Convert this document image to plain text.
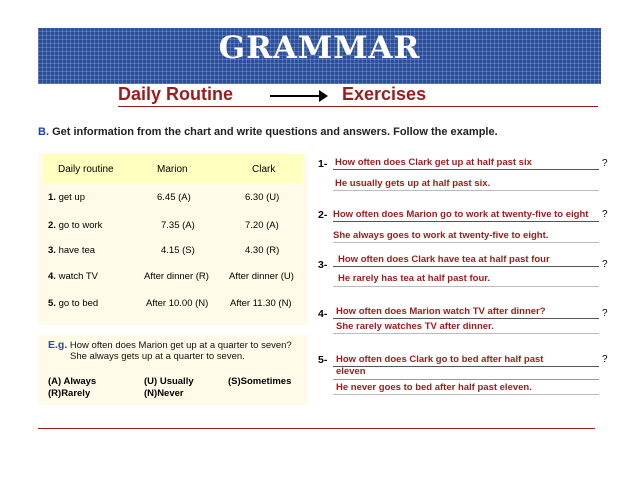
GRAMMAR
Daily Routine	Exercises
B. Get information from the chart and write questions and answers. Follow the example.
Daily routine	Marion	Clark
1. get up	6.45 (A)	6.30 (U)
2. go to work	7.35 (A)	7.20 (A)
3. have tea	4.15 (S)	4.30 (R)
4. watch TV	After dinner (R) After dinner (U)
5. go to bed	After 10.00 (N) After 11.30 (N)
E.g. How often does Marion get up at a quarter to seven?
She always gets up at a quarter to seven.
(A) Always	(U) Usually	(S)Sometimes
(R)Rarely	(N)Never
1- How often does Clark get up at half past six	?
He usually gets up at half past six.
2- How often does Marion go to work at twenty-five to eight ?
She always goes to work at twenty-five to eight.
3- How often does Clark have tea at half past four	?
He rarely has tea at half past four.
4- How often does Marion watch TV after dinner?	?
She rarely watches TV after dinner.
5- How often does Clark go to bed after half past	?
eleven
He never goes to bed after half past eleven.
